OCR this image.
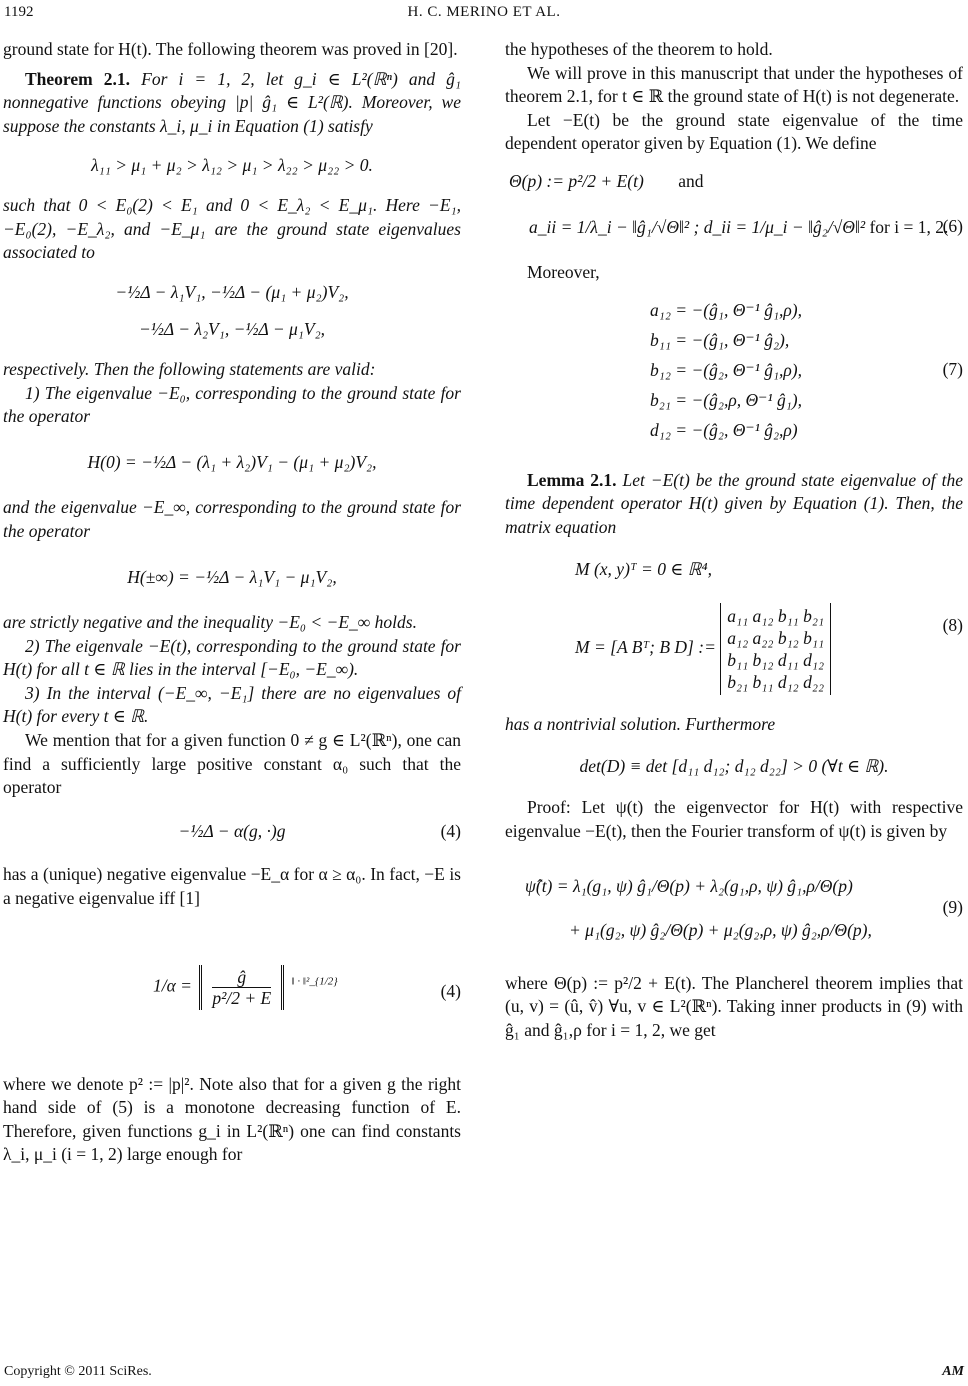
1192	H. C. MERINO ET AL.

ground state for H(t). The following theorem was proved in [20].

Theorem 2.1. For i = 1, 2, let g_i ∈ L²(ℝⁿ) and ĝ₁ nonnegative functions obeying |p| ĝ₁ ∈ L²(ℝ). Moreover, we suppose the constants λ_i, μ_i in Equation (1) satisfy

λ₁₁ > μ₁ + μ₂ > λ₁₂ > μ₁ > λ₂₂ > μ₂₂ > 0.

such that 0 < E₀(2) < E₁ and 0 < E_λ₂ < E_μ₁. Here −E₁, −E₀(2), −E_λ₂, and −E_μ₁ are the ground state eigenvalues associated to

−½Δ − λ₁V₁, −½Δ − (μ₁ + μ₂)V₂,
−½Δ − λ₂V₁, −½Δ − μ₁V₂,

respectively. Then the following statements are valid:

1) The eigenvalue −E₀, corresponding to the ground state for the operator

H(0) = −½Δ − (λ₁ + λ₂)V₁ − (μ₁ + μ₂)V₂,

and the eigenvalue −E_∞, corresponding to the ground state for the operator

H(±∞) = −½Δ − λ₁V₁ − μ₁V₂,

are strictly negative and the inequality −E₀ < −E_∞ holds.

2) The eigenvale −E(t), corresponding to the ground state for H(t) for all t ∈ ℝ lies in the interval [−E₀, −E_∞).

3) In the interval (−E_∞, −E₁] there are no eigenvalues of H(t) for every t ∈ ℝ.

We mention that for a given function 0 ≠ g ∈ L²(ℝⁿ), one can find a sufficiently large positive constant α₀ such that the operator

−½Δ − α(g, ·)g	(4)

has a (unique) negative eigenvalue −E_α for α ≥ α₀. In fact, −E is a negative eigenvalue iff [1]

$1/\alpha = \frac{ĝ}{\text{p²/2 + E}} ^{‖ \cdot ‖^2\_\{1/2\}}$	(4)

where we denote p² := |p|². Note also that for a given g the right hand side of (5) is a monotone decreasing function of E. Therefore, given functions g_i in L²(ℝⁿ) one can find constants λ_i, μ_i (i = 1, 2) large enough for

the hypotheses of the theorem to hold.

We will prove in this manuscript that under the hypotheses of theorem 2.1, for t ∈ ℝ the ground state of H(t) is not degenerate.

Let −E(t) be the ground state eigenvalue of the time dependent operator given by Equation (1). We define

Θ(p) := p²/2 + E(t) and
a_ii = 1/λ_i − ‖ĝ₁/√Θ‖² ; d_ii = 1/μ_i − ‖ĝ₂/√Θ‖² for i = 1, 2.
(6)

Moreover,

a₁₂ = −(ĝ₁, Θ⁻¹ ĝ₁,ρ),
b₁₁ = −(ĝ₁, Θ⁻¹ ĝ₂),
b₁₂ = −(ĝ₂, Θ⁻¹ ĝ₁,ρ),
b₂₁ = −(ĝ₂,ρ, Θ⁻¹ ĝ₁),
d₁₂ = −(ĝ₂, Θ⁻¹ ĝ₂,ρ)
(7)

Lemma 2.1. Let −E(t) be the ground state eigenvalue of the time dependent operator H(t) given by Equation (1). Then, the matrix equation

M (x, y)ᵀ = 0 ∈ ℝ⁴,
M = [A Bᵀ; B D] :=
a₁₁ a₁₂ b₁₁ b₂₁
a₁₂ a₂₂ b₁₂ b₁₁
b₁₁ b₁₂ d₁₁ d₁₂
b₂₁ b₁₁ d₁₂ d₂₂
(8)

has a nontrivial solution. Furthermore

det(D) ≡ det [d₁₁ d₁₂; d₁₂ d₂₂] > 0 (∀t ∈ ℝ).

Proof: Let ψ(t) the eigenvector for H(t) with respective eigenvalue −E(t), then the Fourier transform of ψ(t) is given by

ψ̂(t) = λ₁(g₁, ψ) ĝ₁/Θ(p) + λ₂(g₁,ρ, ψ) ĝ₁,ρ/Θ(p)
+ μ₁(g₂, ψ) ĝ₂/Θ(p) + μ₂(g₂,ρ, ψ) ĝ₂,ρ/Θ(p),
(9)

where Θ(p) := p²/2 + E(t). The Plancherel theorem implies that (u, v) = (û, v̂) ∀u, v ∈ L²(ℝⁿ). Taking inner products in (9) with ĝ₁ and ĝ₁,ρ for i = 1, 2, we get

Copyright © 2011 SciRes.	AM
